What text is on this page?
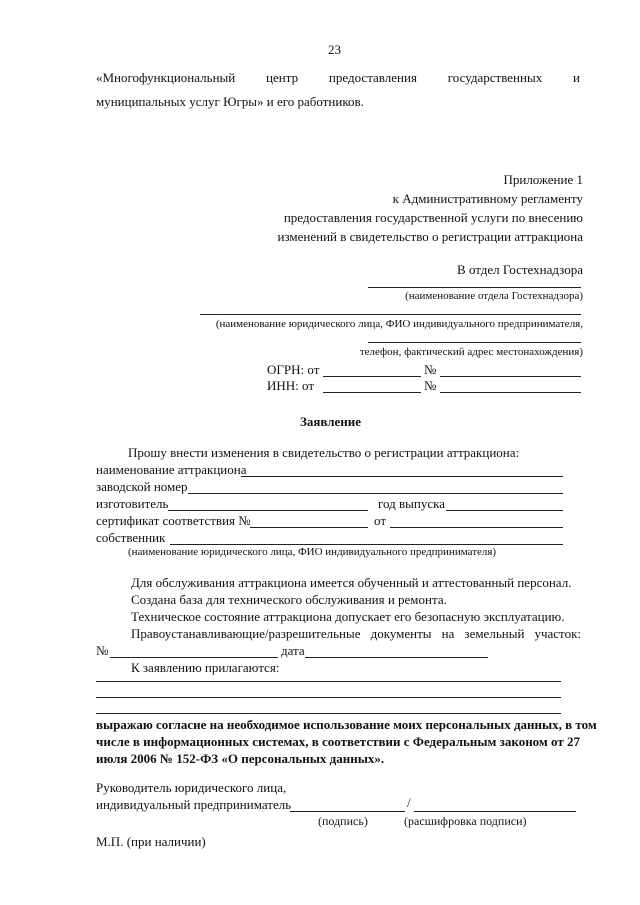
23
«Многофункциональный центр предоставления государственных и
муниципальных услуг Югры» и его работников.
Приложение 1
к Административному регламенту
предоставления государственной услуги по внесению
изменений в свидетельство о регистрации аттракциона
В отдел Гостехнадзора
(наименование отдела Гостехнадзора)
(наименование юридического лица, ФИО индивидуального предпринимателя,
телефон, фактический адрес местонахождения)
ОГРН: от	№
ИНН: от	№
Заявление
Прошу внести изменения в свидетельство о регистрации аттракциона:
наименование аттракциона
заводской номер
изготовитель	год выпуска
сертификат соответствия №	от
собственник
(наименование юридического лица, ФИО индивидуального предпринимателя)
Для обслуживания аттракциона имеется обученный и аттестованный персонал.
Создана база для технического обслуживания и ремонта.
Техническое состояние аттракциона допускает его безопасную эксплуатацию.
Правоустанавливающие/разрешительные документы на земельный участок:
№	дата
К заявлению прилагаются:
выражаю согласие на необходимое использование моих персональных данных, в том
числе в информационных системах, в соответствии с Федеральным законом от 27
июля 2006 № 152-ФЗ «О персональных данных».
Руководитель юридического лица,
индивидуальный предприниматель	/
(подпись)	(расшифровка подписи)
М.П. (при наличии)
